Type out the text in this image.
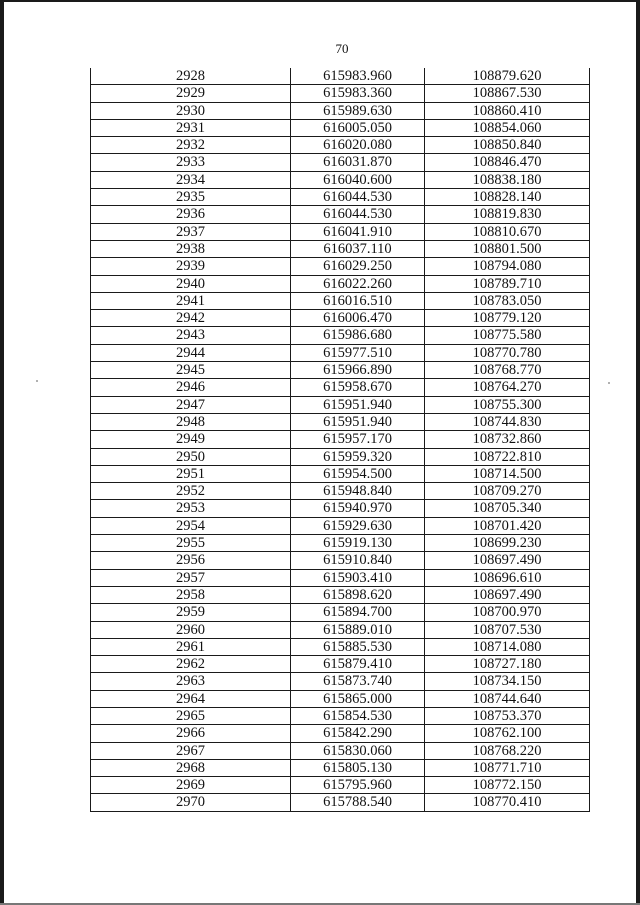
70
2928	615983.960	108879.620
2929	615983.360	108867.530
2930	615989.630	108860.410
2931	616005.050	108854.060
2932	616020.080	108850.840
2933	616031.870	108846.470
2934	616040.600	108838.180
2935	616044.530	108828.140
2936	616044.530	108819.830
2937	616041.910	108810.670
2938	616037.110	108801.500
2939	616029.250	108794.080
2940	616022.260	108789.710
2941	616016.510	108783.050
2942	616006.470	108779.120
2943	615986.680	108775.580
2944	615977.510	108770.780
2945	615966.890	108768.770
2946	615958.670	108764.270
2947	615951.940	108755.300
2948	615951.940	108744.830
2949	615957.170	108732.860
2950	615959.320	108722.810
2951	615954.500	108714.500
2952	615948.840	108709.270
2953	615940.970	108705.340
2954	615929.630	108701.420
2955	615919.130	108699.230
2956	615910.840	108697.490
2957	615903.410	108696.610
2958	615898.620	108697.490
2959	615894.700	108700.970
2960	615889.010	108707.530
2961	615885.530	108714.080
2962	615879.410	108727.180
2963	615873.740	108734.150
2964	615865.000	108744.640
2965	615854.530	108753.370
2966	615842.290	108762.100
2967	615830.060	108768.220
2968	615805.130	108771.710
2969	615795.960	108772.150
2970	615788.540	108770.410
